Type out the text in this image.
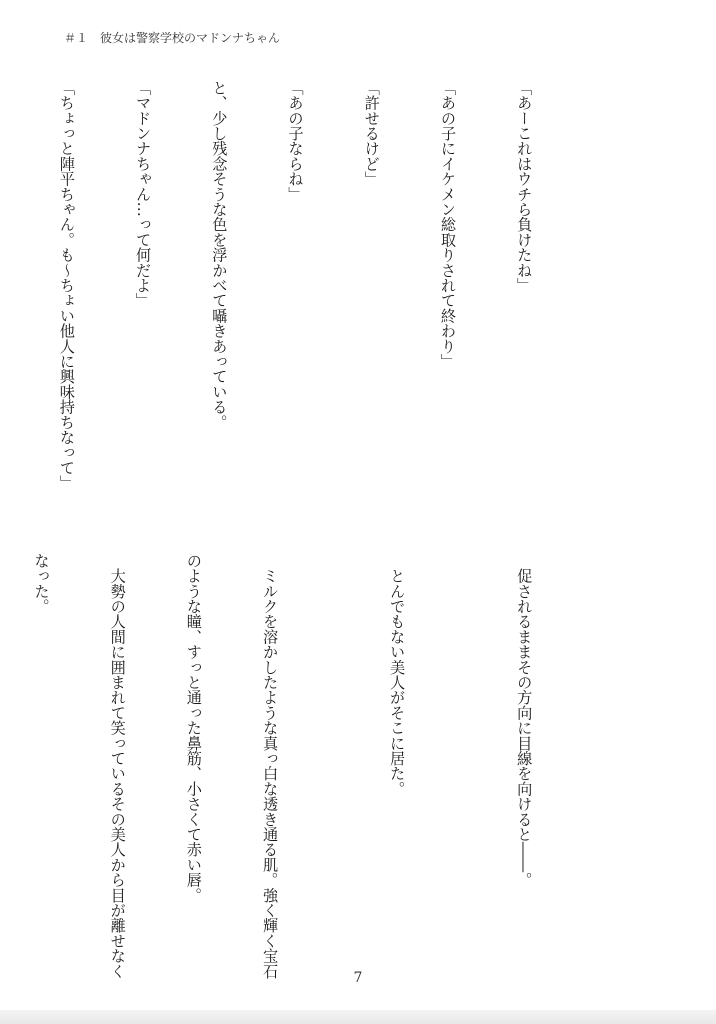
＃１　彼女は警察学校のマドンナちゃん

「あーこれはウチら負けたね」

「あの子にイケメン総取りされて終わり」

「許せるけど」

「あの子ならね」

と、少し残念そうな色を浮かべて囁きあっている。

「マドンナちゃん…って何だよ」

「ちょっと陣平ちゃん。も〜ちょい他人に興味持ちなって」

　促されるままその方向に目線を向けると――。

　とんでもない美人がそこに居た。

　ミルクを溶かしたような真っ白な透き通る肌。強く輝く宝石

のような瞳、すっと通った鼻筋、小さくて赤い唇。

　大勢の人間に囲まれて笑っているその美人から目が離せなく

なった。

7
